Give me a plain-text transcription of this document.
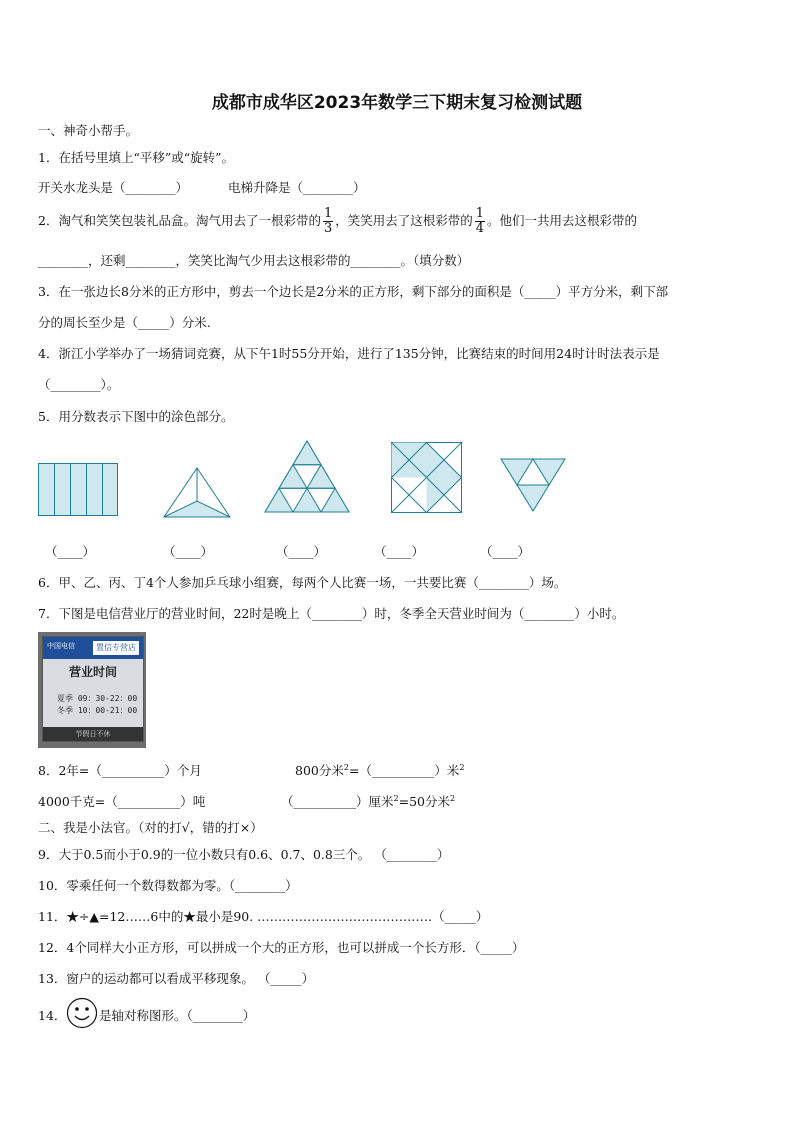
成都市成华区2023年数学三下期末复习检测试题
一、神奇小帮手。
1．在括号里填上“平移”或“旋转”。
开关水龙头是（________）	电梯升降是（________）
2．淘气和笑笑包装礼品盒。淘气用去了一根彩带的 $\frac{1}{3}$ ，笑笑用去了这根彩带的 $\frac{1}{4}$ 。他们一共用去这根彩带的
________，还剩________，笑笑比淘气少用去这根彩带的________。（填分数）
3．在一张边长8分米的正方形中，剪去一个边长是2分米的正方形，剩下部分的面积是（_____）平方分米，剩下部
分的周长至少是（_____）分米.
4．浙江小学举办了一场猜词竞赛，从下午1时55分开始，进行了135分钟，比赛结束的时间用24时计时法表示是
（________）。
5．用分数表示下图中的涂色部分。
（____）	（____）	（____）	（____）	（____）
6．甲、乙、丙、丁4个人参加乒乓球小组赛，每两个人比赛一场，一共要比赛（________）场。
7．下图是电信营业厅的营业时间，22时是晚上（________）时，冬季全天营业时间为（________）小时。
中国电信	置信专营店
营业时间
夏季 09：30-22：00
冬季 10：00-21：00
节假日不休
8．2年=（__________）个月	800分米$^2$=（__________）米$^2$
4000千克=（__________）吨	（__________）厘米$^2$=50分米$^2$
二、我是小法官。（对的打√，错的打×）
9．大于0.5而小于0.9的一位小数只有0.6、0.7、0.8三个。 （________）
10．零乘任何一个数得数都为零。（________）
11．★÷▲=12……6中的★最小是90. ……………………………………（_____）
12．4个同样大小正方形，可以拼成一个大的正方形，也可以拼成一个长方形．（_____）
13．窗户的运动都可以看成平移现象。 （_____）
14．	是轴对称图形。（________）
